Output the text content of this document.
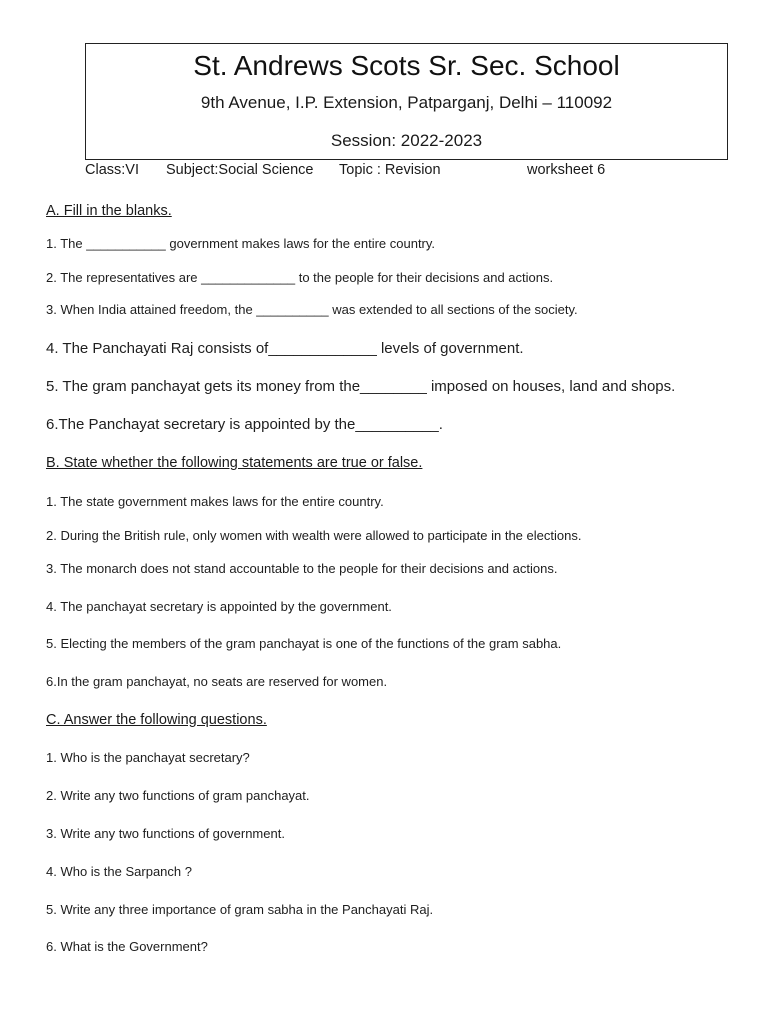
St. Andrews Scots Sr. Sec. School
9th Avenue, I.P. Extension, Patparganj, Delhi – 110092
Session: 2022-2023
Class:VI Subject:Social Science Topic : Revision	worksheet 6
A. Fill in the blanks.
1. The ___________ government makes laws for the entire country.
2. The representatives are _____________ to the people for their decisions and actions.
3. When India attained freedom, the __________ was extended to all sections of the society.
4. The Panchayati Raj consists of_____________ levels of government.
5. The gram panchayat gets its money from the________ imposed on houses, land and shops.
6.The Panchayat secretary is appointed by the__________.
B. State whether the following statements are true or false.
1. The state government makes laws for the entire country.
2. During the British rule, only women with wealth were allowed to participate in the elections.
3. The monarch does not stand accountable to the people for their decisions and actions.
4. The panchayat secretary is appointed by the government.
5. Electing the members of the gram panchayat is one of the functions of the gram sabha.
6.In the gram panchayat, no seats are reserved for women.
C. Answer the following questions.
1. Who is the panchayat secretary?
2. Write any two functions of gram panchayat.
3. Write any two functions of government.
4. Who is the Sarpanch ?
5. Write any three importance of gram sabha in the Panchayati Raj.
6. What is the Government?
